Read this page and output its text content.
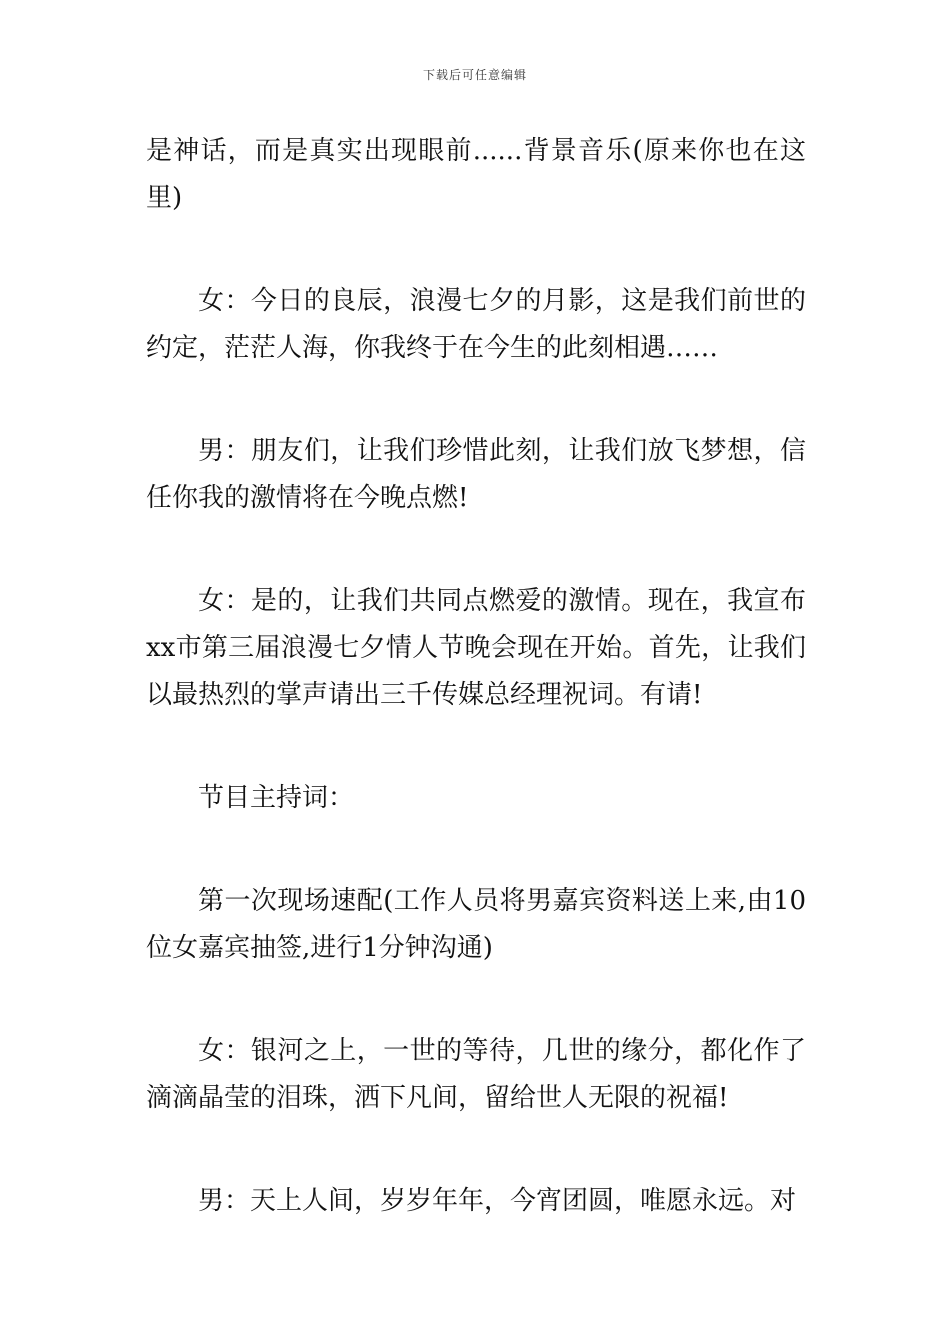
下载后可任意编辑

是神话，而是真实出现眼前......背景音乐(原来你也在这里)

女：今日的良辰，浪漫七夕的月影，这是我们前世的约定，茫茫人海，你我终于在今生的此刻相遇……

男：朋友们，让我们珍惜此刻，让我们放飞梦想，信任你我的激情将在今晚点燃!

女：是的，让我们共同点燃爱的激情。现在，我宣布xx市第三届浪漫七夕情人节晚会现在开始。首先，让我们以最热烈的掌声请出三千传媒总经理祝词。有请!

节目主持词：

第一次现场速配(工作人员将男嘉宾资料送上来,由10位女嘉宾抽签,进行1分钟沟通)

女：银河之上，一世的等待，几世的缘分，都化作了滴滴晶莹的泪珠，洒下凡间，留给世人无限的祝福!

男：天上人间，岁岁年年，今宵团圆，唯愿永远。对
